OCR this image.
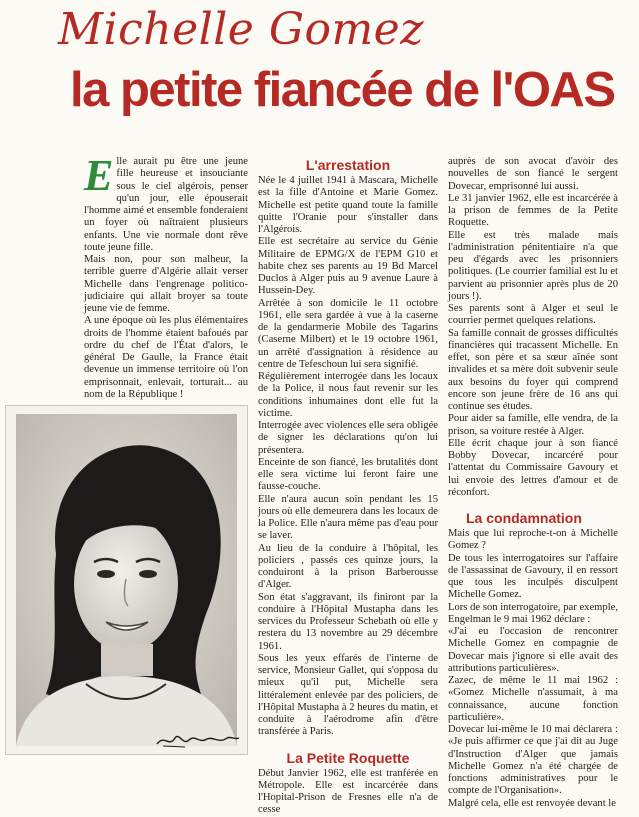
Michelle Gomez
la petite fiancée de l'OAS
E lle aurait pu être une jeune fille heureuse et insouciante sous le ciel algérois, penser qu'un jour, elle épouserait l'homme aimé et ensemble fonderaient un foyer où naîtraient plusieurs enfants. Une vie normale dont rêve toute jeune fille.

Mais non, pour son malheur, la terrible guerre d'Algérie allait verser Michelle dans l'engrenage politico-judiciaire qui allait broyer sa toute jeune vie de femme.

A une époque où les plus élémentaires droits de l'homme étaient bafoués par ordre du chef de l'État d'alors, le général De Gaulle, la France était devenue un immense territoire où l'on emprisonnait, enlevait, torturait... au nom de la République !

L'arrestation

Née le 4 juillet 1941 à Mascara, Michelle est la fille d'Antoine et Marie Gomez. Michelle est petite quand toute la famille quitte l'Oranie pour s'installer dans l'Algérois.

Elle est secrétaire au service du Génie Militaire de EPMG/X de l'EPM G10 et habite chez ses parents au 19 Bd Marcel Duclos à Alger puis au 9 avenue Laure à Hussein-Dey.

Arrêtée à son domicile le 11 octobre 1961, elle sera gardée à vue à la caserne de la gendarmerie Mobile des Tagarins (Caserne Milbert) et le 19 octobre 1961, un arrêté d'assignation à résidence au centre de Tefeschoun lui sera signifié.

Régulièrement interrogée dans les locaux de la Police, il nous faut revenir sur les conditions inhumaines dont elle fut la victime.

Interrogée avec violences elle sera obligée de signer les déclarations qu'on lui présentera.

Enceinte de son fiancé, les brutalités dont elle sera victime lui feront faire une fausse-couche.

Elle n'aura aucun soin pendant les 15 jours où elle demeurera dans les locaux de la Police. Elle n'aura même pas d'eau pour se laver.

Au lieu de la conduire à l'hôpital, les policiers , passés ces quinze jours, la conduiront à la prison Barberousse d'Alger.

Son état s'aggravant, ils finiront par la conduire à l'Hôpital Mustapha dans les services du Professeur Schebath où elle y restera du 13 novembre au 29 décembre 1961.

Sous les yeux effarés de l'interne de service, Monsieur Gallet, qui s'opposa du mieux qu'il put, Michelle sera littéralement enlevée par des policiers, de l'Hôpital Mustapha à 2 heures du matin, et conduite à l'aérodrome afin d'être transférée à Paris.

La Petite Roquette

Début Janvier 1962, elle est tranférée en Métropole. Elle est incarcérée dans l'Hopital-Prison de Fresnes elle n'a de cesse

auprès de son avocat d'avoir des nouvelles de son fiancé le sergent Dovecar, emprisonné lui aussi.

Le 31 janvier 1962, elle est incarcérée à la prison de femmes de la Petite Roquette.

Elle est très malade mais l'administration pénitentiaire n'a que peu d'égards avec les prisonniers politiques. (Le courrier familial est lu et parvient au prisonnier après plus de 20 jours !).

Ses parents sont à Alger et seul le courrier permet quelques relations.

Sa famille connait de grosses difficultés financières qui tracassent Michelle. En effet, son père et sa sœur aînée sont invalides et sa mère doit subvenir seule aux besoins du foyer qui comprend encore son jeune frère de 16 ans qui continue ses études.

Pour aider sa famille, elle vendra, de la prison, sa voiture restée à Alger.

Elle écrit chaque jour à son fiancé Bobby Dovecar, incarcéré pour l'attentat du Commissaire Gavoury et lui envoie des lettres d'amour et de réconfort.

La condamnation

Mais que lui reproche-t-on à Michelle Gomez ?

De tous les interrogatoires sur l'affaire de l'assassinat de Gavoury, il en ressort que tous les inculpés disculpent Michelle Gomez.

Lors de son interrogatoire, par exemple, Engelman le 9 mai 1962 déclare :

«J'ai eu l'occasion de rencontrer Michelle Gomez en compagnie de Dovecar mais j'ignore si elle avait des attributions particulières».

Zazec, de même le 11 mai 1962 : «Gomez Michelle n'assumait, à ma connaissance, aucune fonction particulière».

Dovecar lui-même le 10 mai déclarera : «Je puis affirmer ce que j'ai dit au Juge d'Instruction d'Alger que jamais Michelle Gomez n'a été chargée de fonctions administratives pour le compte de l'Organisation».

Malgré cela, elle est renvoyée devant le
